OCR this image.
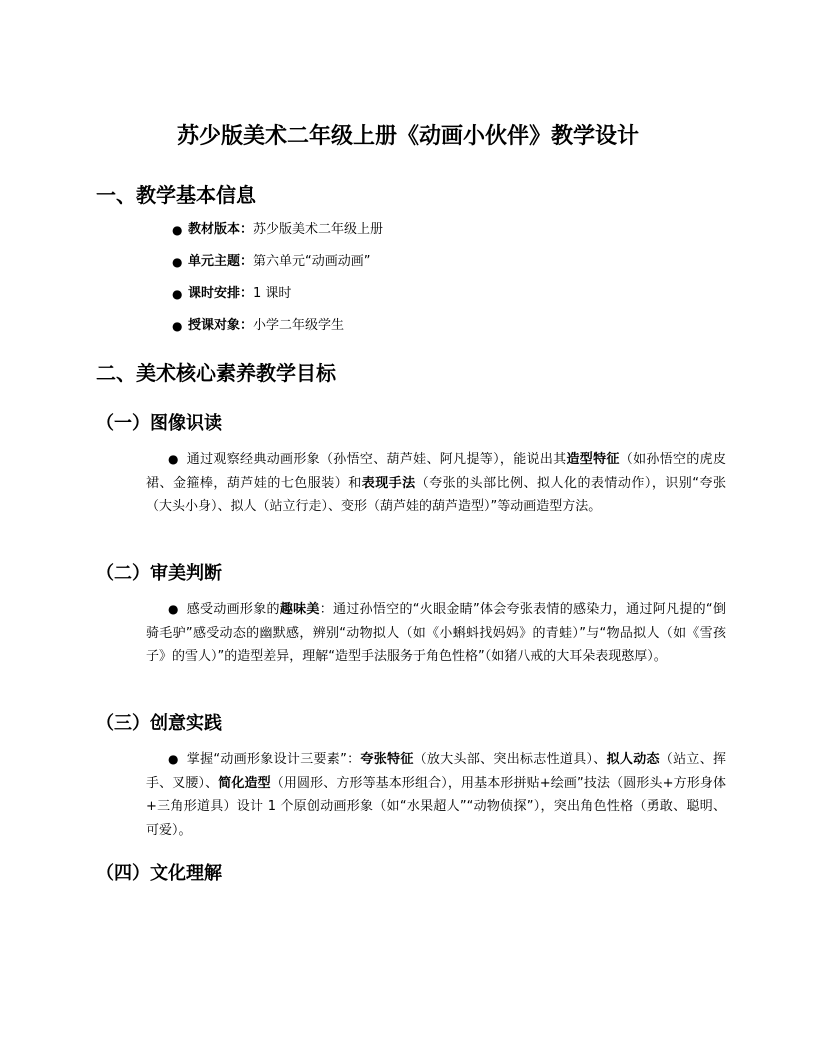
苏少版美术二年级上册《动画小伙伴》教学设计
一、教学基本信息
● 教材版本：苏少版美术二年级上册
● 单元主题：第六单元“动画动画”
● 课时安排：1 课时
● 授课对象：小学二年级学生
二、美术核心素养教学目标
（一）图像识读

● 通过观察经典动画形象（孙悟空、葫芦娃、阿凡提等），能说出其造型特征（如孙悟空的虎皮裙、金箍棒，葫芦娃的七色服装）和表现手法（夸张的头部比例、拟人化的表情动作），识别“夸张（大头小身）、拟人（站立行走）、变形（葫芦娃的葫芦造型）”等动画造型方法。

（二）审美判断

● 感受动画形象的趣味美：通过孙悟空的“火眼金睛”体会夸张表情的感染力，通过阿凡提的“倒骑毛驴”感受动态的幽默感，辨别“动物拟人（如《小蝌蚪找妈妈》的青蛙）”与“物品拟人（如《雪孩子》的雪人）”的造型差异，理解“造型手法服务于角色性格”（如猪八戒的大耳朵表现憨厚）。

（三）创意实践

● 掌握“动画形象设计三要素”：夸张特征（放大头部、突出标志性道具）、拟人动态（站立、挥手、叉腰）、简化造型（用圆形、方形等基本形组合），用基本形拼贴+绘画”技法（圆形头+方形身体+三角形道具）设计 1 个原创动画形象（如“水果超人”“动物侦探”），突出角色性格（勇敢、聪明、可爱）。

（四）文化理解
